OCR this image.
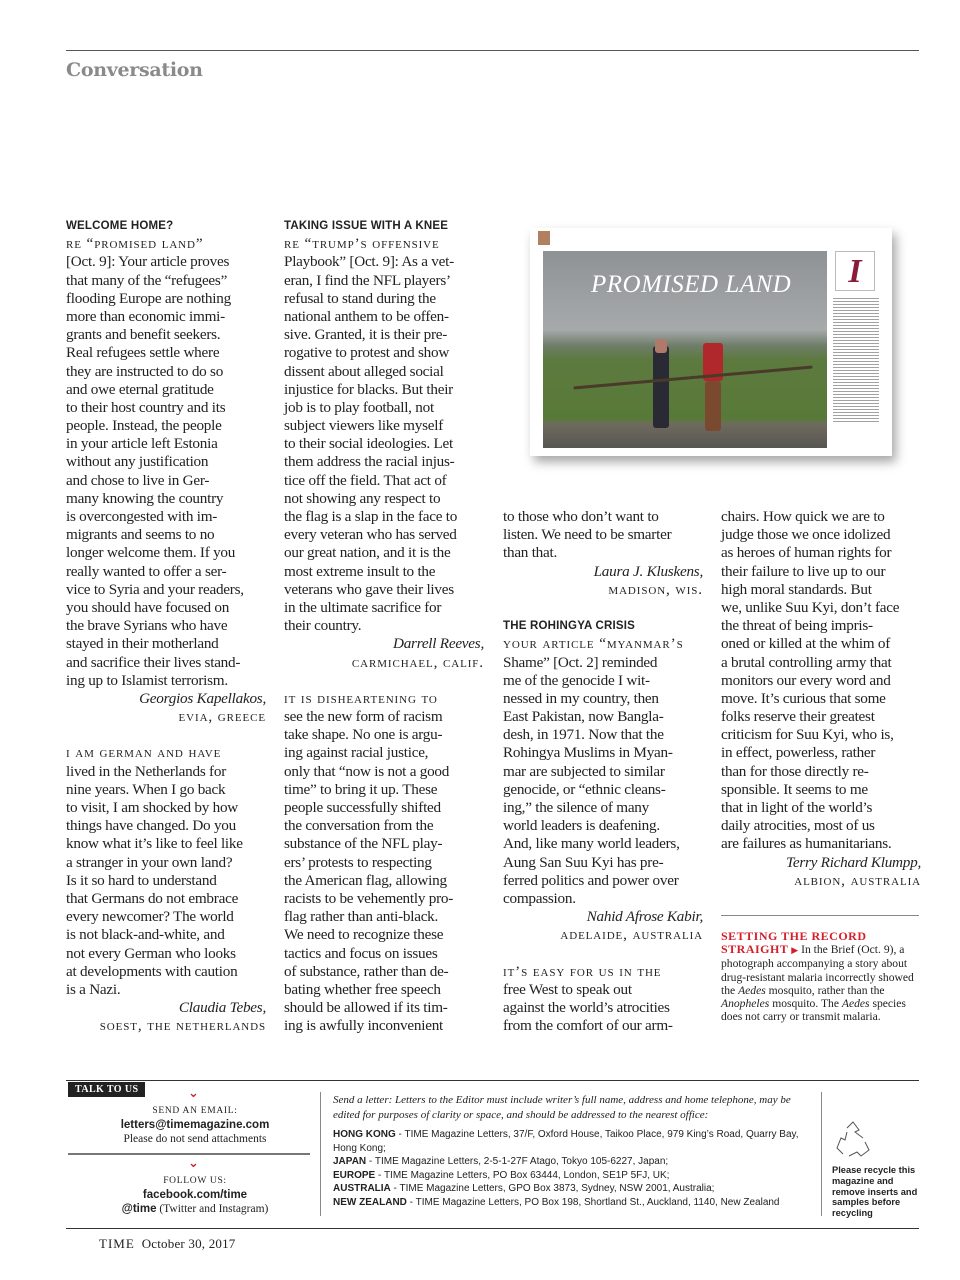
Conversation
WELCOME HOME?
re “promised land”
[Oct. 9]: Your article proves
that many of the “refugees”
flooding Europe are nothing
more than economic immi-
grants and benefit seekers.
Real refugees settle where
they are instructed to do so
and owe eternal gratitude
to their host country and its
people. Instead, the people
in your article left Estonia
without any justification
and chose to live in Ger-
many knowing the country
is overcongested with im-
migrants and seems to no
longer welcome them. If you
really wanted to offer a ser-
vice to Syria and your readers,
you should have focused on
the brave Syrians who have
stayed in their motherland
and sacrifice their lives stand-
ing up to Islamist terrorism.
Georgios Kapellakos,
evia, greece
i am german and have
lived in the Netherlands for
nine years. When I go back
to visit, I am shocked by how
things have changed. Do you
know what it’s like to feel like
a stranger in your own land?
Is it so hard to understand
that Germans do not embrace
every newcomer? The world
is not black-and-white, and
not every German who looks
at developments with caution
is a Nazi.
Claudia Tebes,
soest, the netherlands
TAKING ISSUE WITH A KNEE
re “trump’s offensive
Playbook” [Oct. 9]: As a vet-
eran, I find the NFL players’
refusal to stand during the
national anthem to be offen-
sive. Granted, it is their pre-
rogative to protest and show
dissent about alleged social
injustice for blacks. But their
job is to play football, not
subject viewers like myself
to their social ideologies. Let
them address the racial injus-
tice off the field. That act of
not showing any respect to
the flag is a slap in the face to
every veteran who has served
our great nation, and it is the
most extreme insult to the
veterans who gave their lives
in the ultimate sacrifice for
their country.
Darrell Reeves,
carmichael, calif.
it is disheartening to
see the new form of racism
take shape. No one is argu-
ing against racial justice,
only that “now is not a good
time” to bring it up. These
people successfully shifted
the conversation from the
substance of the NFL play-
ers’ protests to respecting
the American flag, allowing
racists to be vehemently pro-
flag rather than anti-black.
We need to recognize these
tactics and focus on issues
of substance, rather than de-
bating whether free speech
should be allowed if its tim-
ing is awfully inconvenient
to those who don’t want to
listen. We need to be smarter
than that.
Laura J. Kluskens,
madison, wis.
THE ROHINGYA CRISIS
your article “myanmar’s
Shame” [Oct. 2] reminded
me of the genocide I wit-
nessed in my country, then
East Pakistan, now Bangla-
desh, in 1971. Now that the
Rohingya Muslims in Myan-
mar are subjected to similar
genocide, or “ethnic cleans-
ing,” the silence of many
world leaders is deafening.
And, like many world leaders,
Aung San Suu Kyi has pre-
ferred politics and power over
compassion.
Nahid Afrose Kabir,
adelaide, australia
it’s easy for us in the
free West to speak out
against the world’s atrocities
from the comfort of our arm-
chairs. How quick we are to
judge those we once idolized
as heroes of human rights for
their failure to live up to our
high moral standards. But
we, unlike Suu Kyi, don’t face
the threat of being impris-
oned or killed at the whim of
a brutal controlling army that
monitors our every word and
move. It’s curious that some
folks reserve their greatest
criticism for Suu Kyi, who is,
in effect, powerless, rather
than for those directly re-
sponsible. It seems to me
that in light of the world’s
daily atrocities, most of us
are failures as humanitarians.
Terry Richard Klumpp,
albion, australia
PROMISED LAND	I
SETTING THE RECORD STRAIGHT ▶ In the Brief (Oct. 9), a photograph accompanying a story about drug-resistant malaria incorrectly showed the Aedes mosquito, rather than the Anopheles mosquito. The Aedes species does not carry or transmit malaria.
TALK TO US	⌄
SEND AN EMAIL:
letters@timemagazine.com
Please do not send attachments
⌄
FOLLOW US:
facebook.com/time
@time (Twitter and Instagram)
Send a letter: Letters to the Editor must include writer’s full name, address and home telephone, may be edited for purposes of clarity or space, and should be addressed to the nearest office:
HONG KONG - TIME Magazine Letters, 37/F, Oxford House, Taikoo Place, 979 King’s Road, Quarry Bay, Hong Kong;
JAPAN - TIME Magazine Letters, 2-5-1-27F Atago, Tokyo 105-6227, Japan;
EUROPE - TIME Magazine Letters, PO Box 63444, London, SE1P 5FJ, UK;
AUSTRALIA - TIME Magazine Letters, GPO Box 3873, Sydney, NSW 2001, Australia;
NEW ZEALAND - TIME Magazine Letters, PO Box 198, Shortland St., Auckland, 1140, New Zealand
Please recycle this magazine and remove inserts and samples before recycling
TIME October 30, 2017
